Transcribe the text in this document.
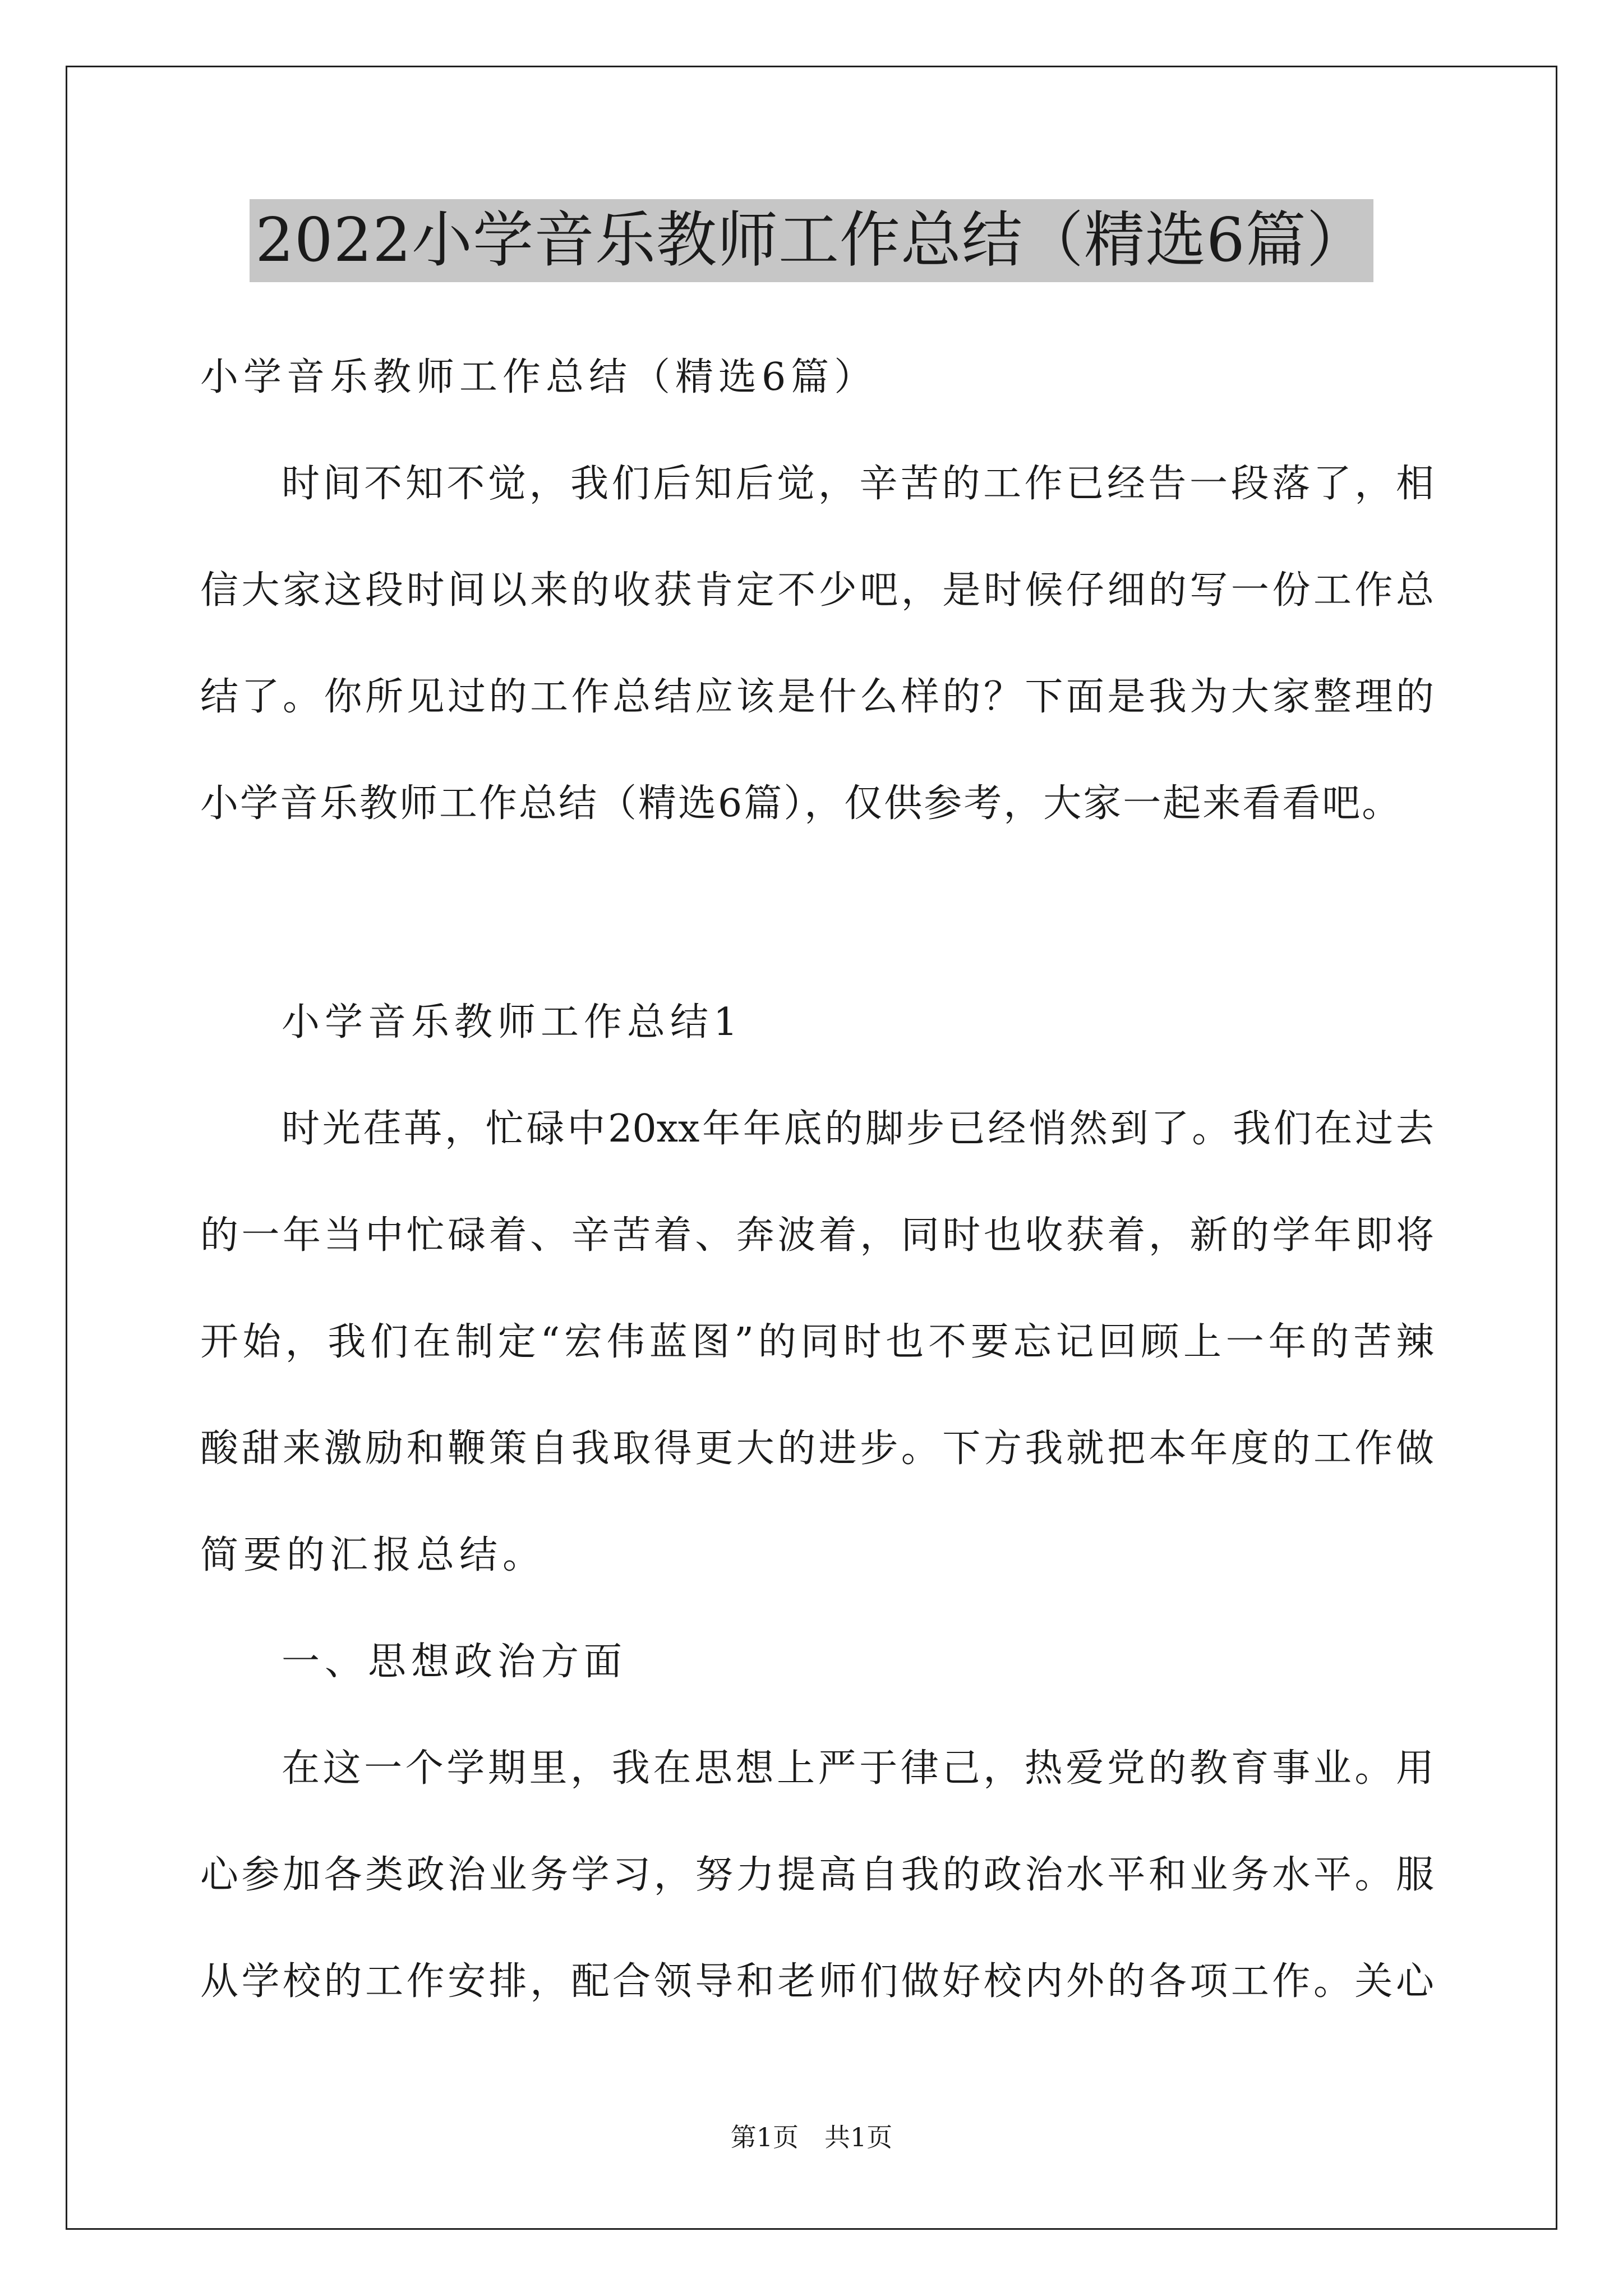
2022小学音乐教师工作总结（精选6篇）
小学音乐教师工作总结（精选6篇）
时间不知不觉，我们后知后觉，辛苦的工作已经告一段落了，相
信大家这段时间以来的收获肯定不少吧，是时候仔细的写一份工作总
结了。你所见过的工作总结应该是什么样的？下面是我为大家整理的
小学音乐教师工作总结（精选6篇），仅供参考，大家一起来看看吧。
小学音乐教师工作总结1
时光荏苒，忙碌中20xx年年底的脚步已经悄然到了。我们在过去
的一年当中忙碌着、辛苦着、奔波着，同时也收获着，新的学年即将
开始，我们在制定“宏伟蓝图”的同时也不要忘记回顾上一年的苦辣
酸甜来激励和鞭策自我取得更大的进步。下方我就把本年度的工作做
简要的汇报总结。
一、思想政治方面
在这一个学期里，我在思想上严于律己，热爱党的教育事业。用
心参加各类政治业务学习，努力提高自我的政治水平和业务水平。服
从学校的工作安排，配合领导和老师们做好校内外的各项工作。关心
第1页　共1页
